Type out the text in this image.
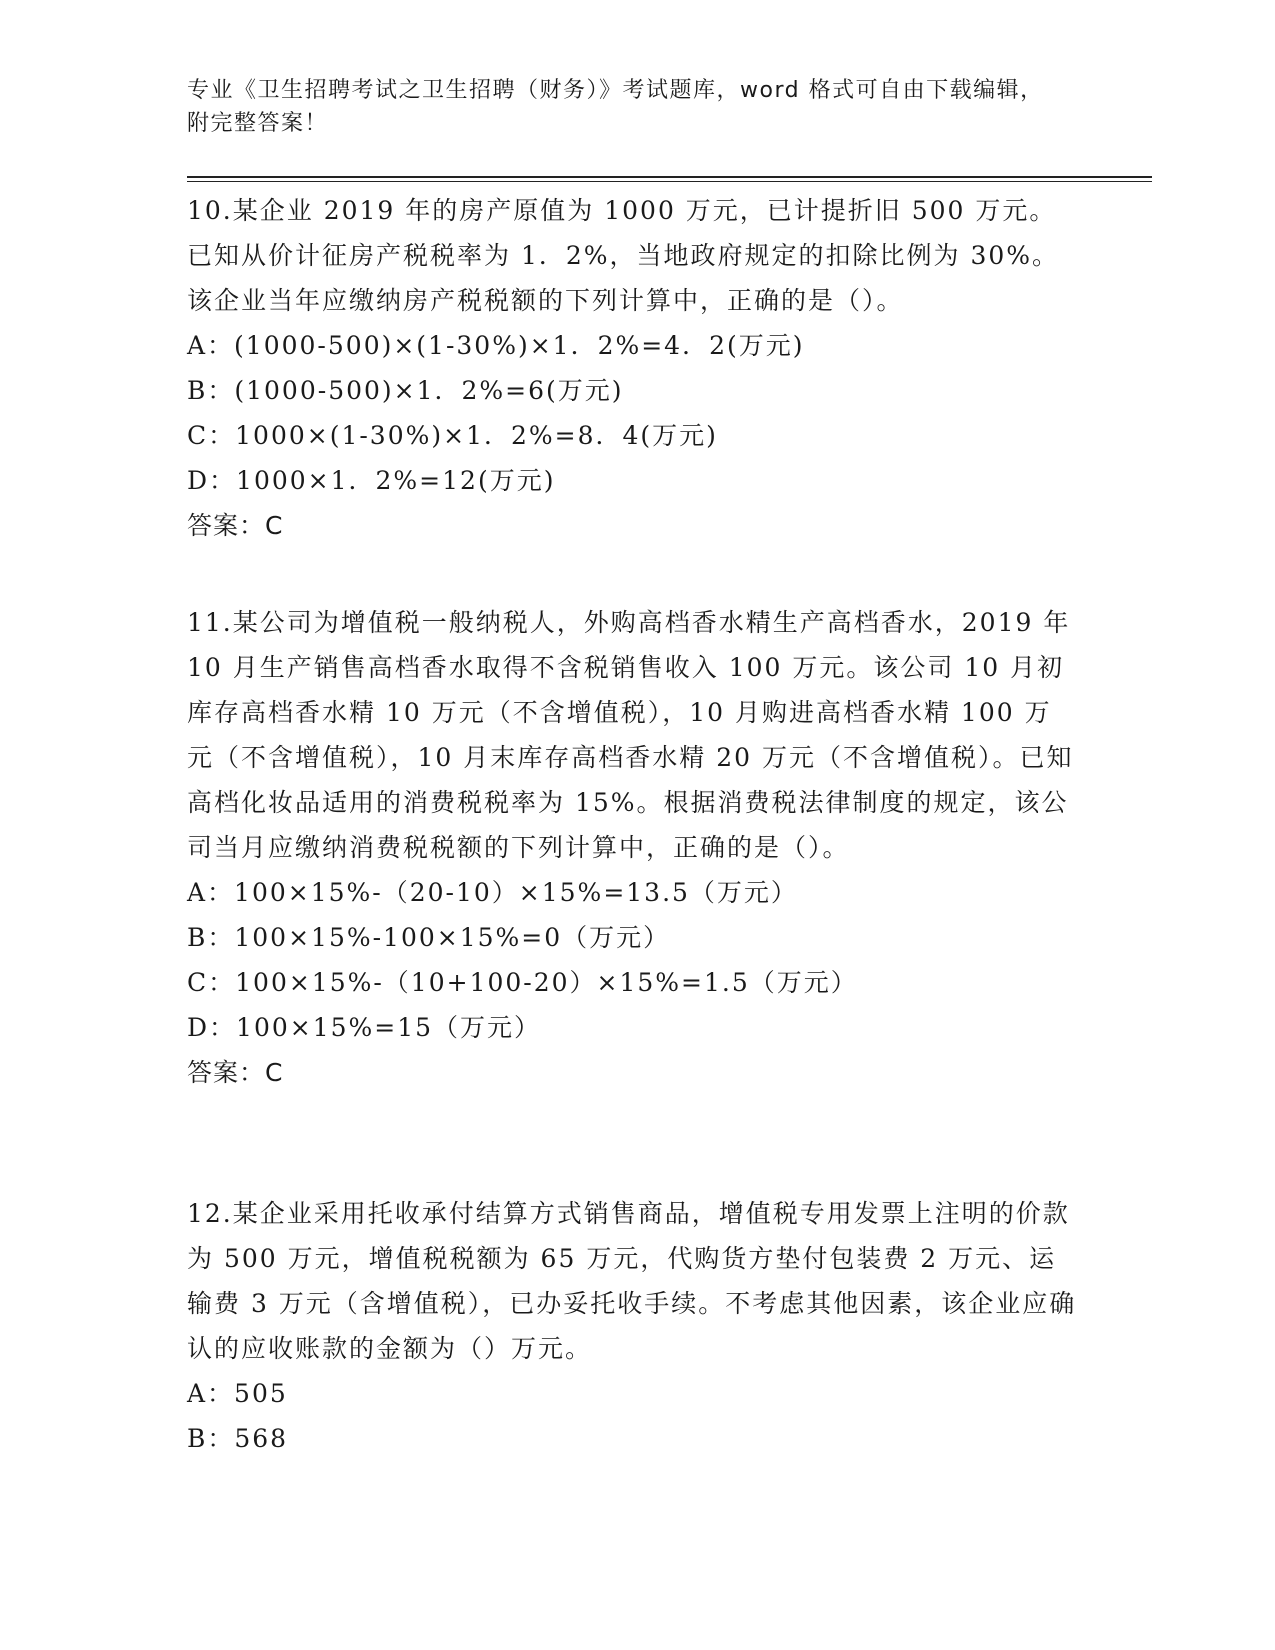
专业《卫生招聘考试之卫生招聘（财务）》考试题库，word 格式可自由下载编辑，附完整答案！

10.某企业 2019 年的房产原值为 1000 万元，已计提折旧 500 万元。已知从价计征房产税税率为 1．2%，当地政府规定的扣除比例为 30%。该企业当年应缴纳房产税税额的下列计算中，正确的是（）。

A：(1000-500)×(1-30%)×1．2%=4．2(万元)

B：(1000-500)×1．2%=6(万元)

C：1000×(1-30%)×1．2%=8．4(万元)

D：1000×1．2%=12(万元)

答案：C

11.某公司为增值税一般纳税人，外购高档香水精生产高档香水，2019 年 10 月生产销售高档香水取得不含税销售收入 100 万元。该公司 10 月初库存高档香水精 10 万元（不含增值税），10 月购进高档香水精 100 万元（不含增值税），10 月末库存高档香水精 20 万元（不含增值税）。已知高档化妆品适用的消费税税率为 15%。根据消费税法律制度的规定，该公司当月应缴纳消费税税额的下列计算中，正确的是（）。

A：100×15%-（20-10）×15%=13.5（万元）

B：100×15%-100×15%=0（万元）

C：100×15%-（10+100-20）×15%=1.5（万元）

D：100×15%=15（万元）

答案：C

12.某企业采用托收承付结算方式销售商品，增值税专用发票上注明的价款为 500 万元，增值税税额为 65 万元，代购货方垫付包装费 2 万元、运输费 3 万元（含增值税），已办妥托收手续。不考虑其他因素，该企业应确认的应收账款的金额为（）万元。

A：505

B：568
